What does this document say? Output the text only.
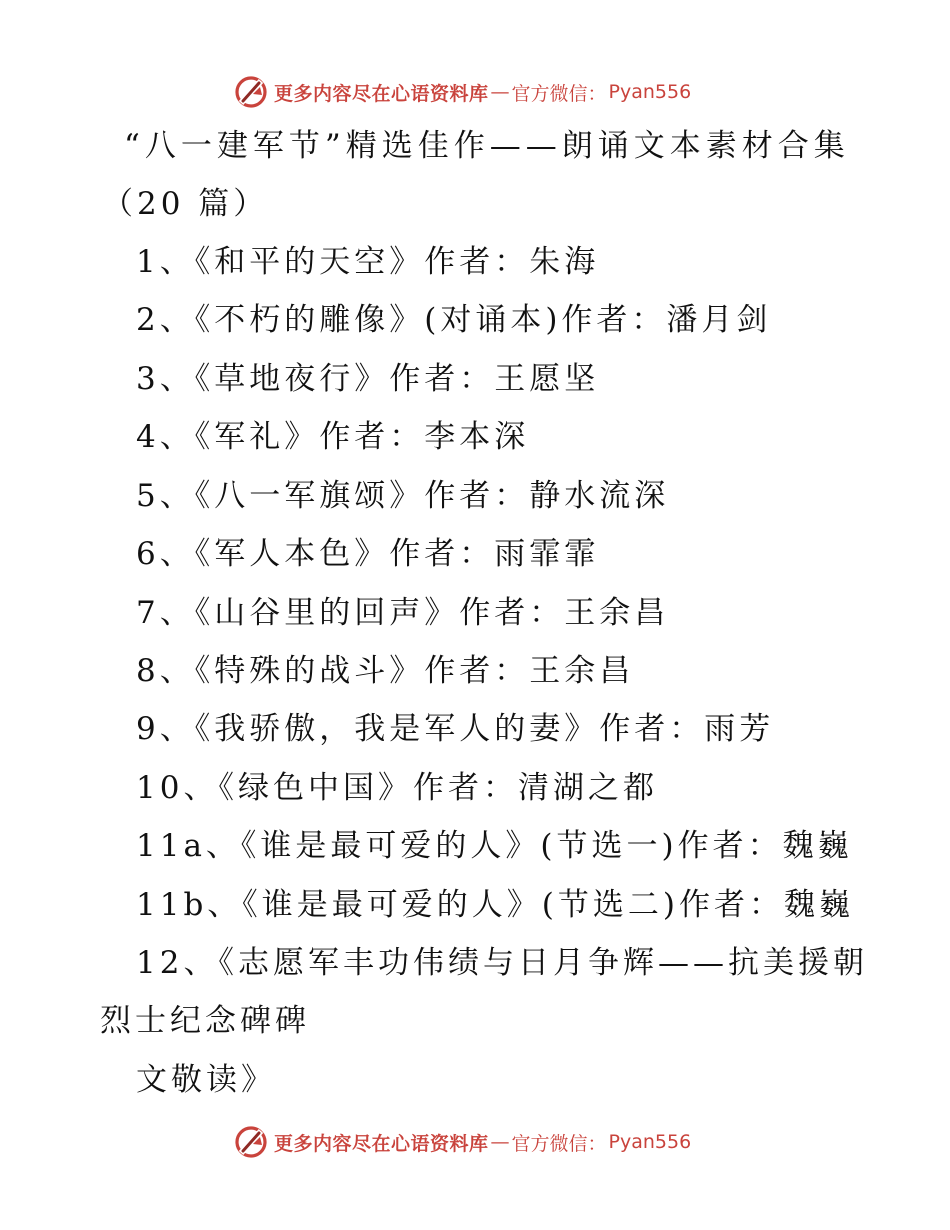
更多内容尽在心语资料库 — 官方微信： Pyan556
“八一建军节”精选佳作——朗诵文本素材合集
（20 篇）
1、《和平的天空》作者：朱海
2、《不朽的雕像》(对诵本)作者：潘月剑
3、《草地夜行》作者：王愿坚
4、《军礼》作者：李本深
5、《八一军旗颂》作者：静水流深
6、《军人本色》作者：雨霏霏
7、《山谷里的回声》作者：王余昌
8、《特殊的战斗》作者：王余昌
9、《我骄傲，我是军人的妻》作者：雨芳
10、《绿色中国》作者：清湖之都
11a、《谁是最可爱的人》(节选一)作者：魏巍
11b、《谁是最可爱的人》(节选二)作者：魏巍
12、《志愿军丰功伟绩与日月争辉——抗美援朝
烈士纪念碑碑
文敬读》
更多内容尽在心语资料库 — 官方微信： Pyan556
